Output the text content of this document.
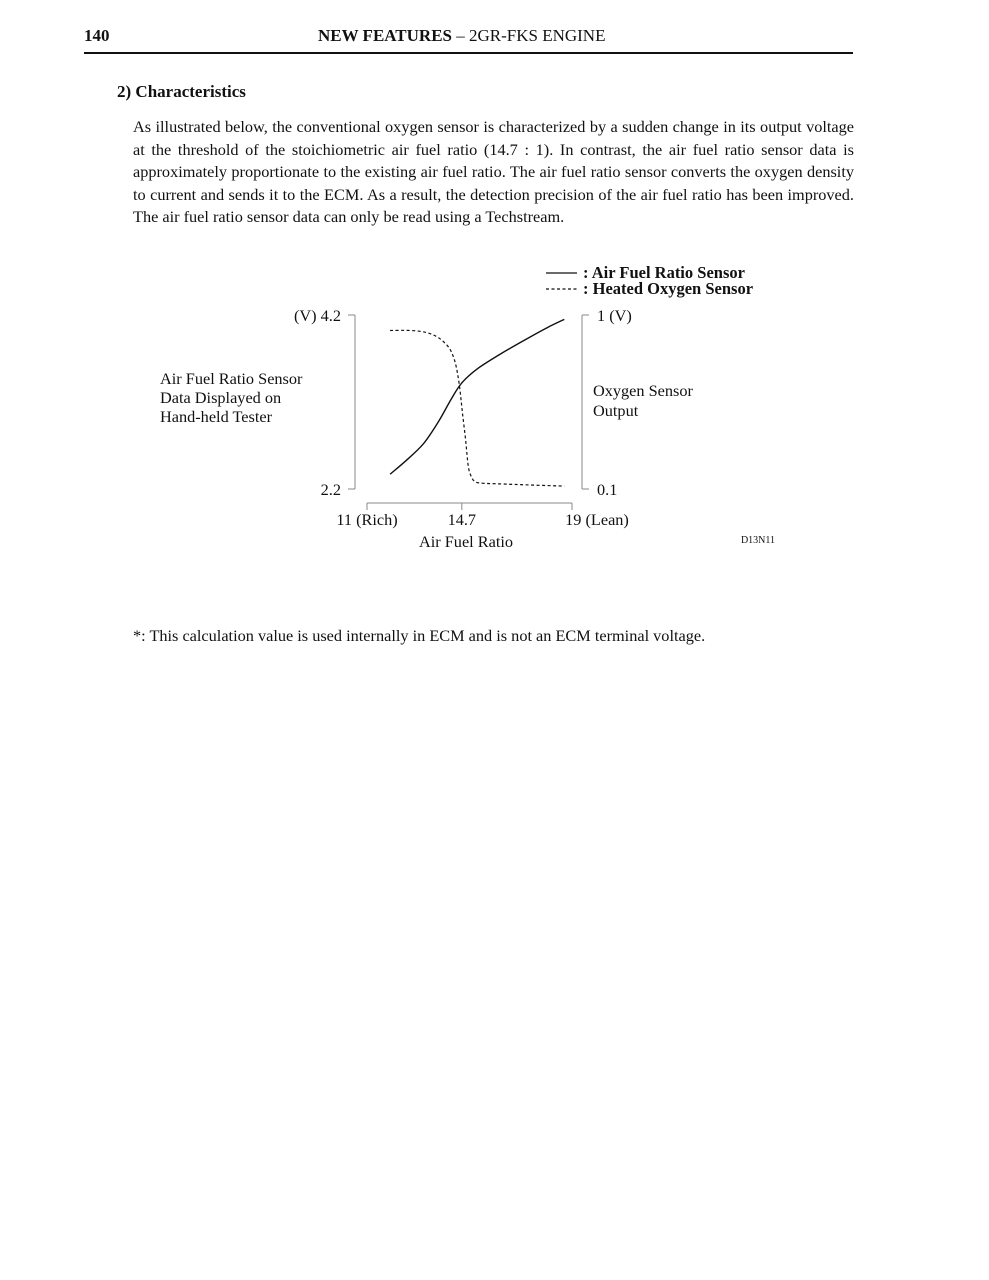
140	NEW FEATURES – 2GR-FKS ENGINE
2) Characteristics

As illustrated below, the conventional oxygen sensor is characterized by a sudden change in its output voltage at the threshold of the stoichiometric air fuel ratio (14.7 : 1). In contrast, the air fuel ratio sensor data is approximately proportionate to the existing air fuel ratio. The air fuel ratio sensor converts the oxygen density to current and sends it to the ECM. As a result, the detection precision of the air fuel ratio has been improved. The air fuel ratio sensor data can only be read using a Techstream.

: Air Fuel Ratio Sensor
: Heated Oxygen Sensor
(V) 4.2
2.2
Air Fuel Ratio Sensor
Data Displayed on
Hand-held Tester
1 (V)
0.1
Oxygen Sensor
Output
Air Fuel Ratio
11 (Rich)	14.7	19 (Lean)
D13N11

*: This calculation value is used internally in ECM and is not an ECM terminal voltage.
